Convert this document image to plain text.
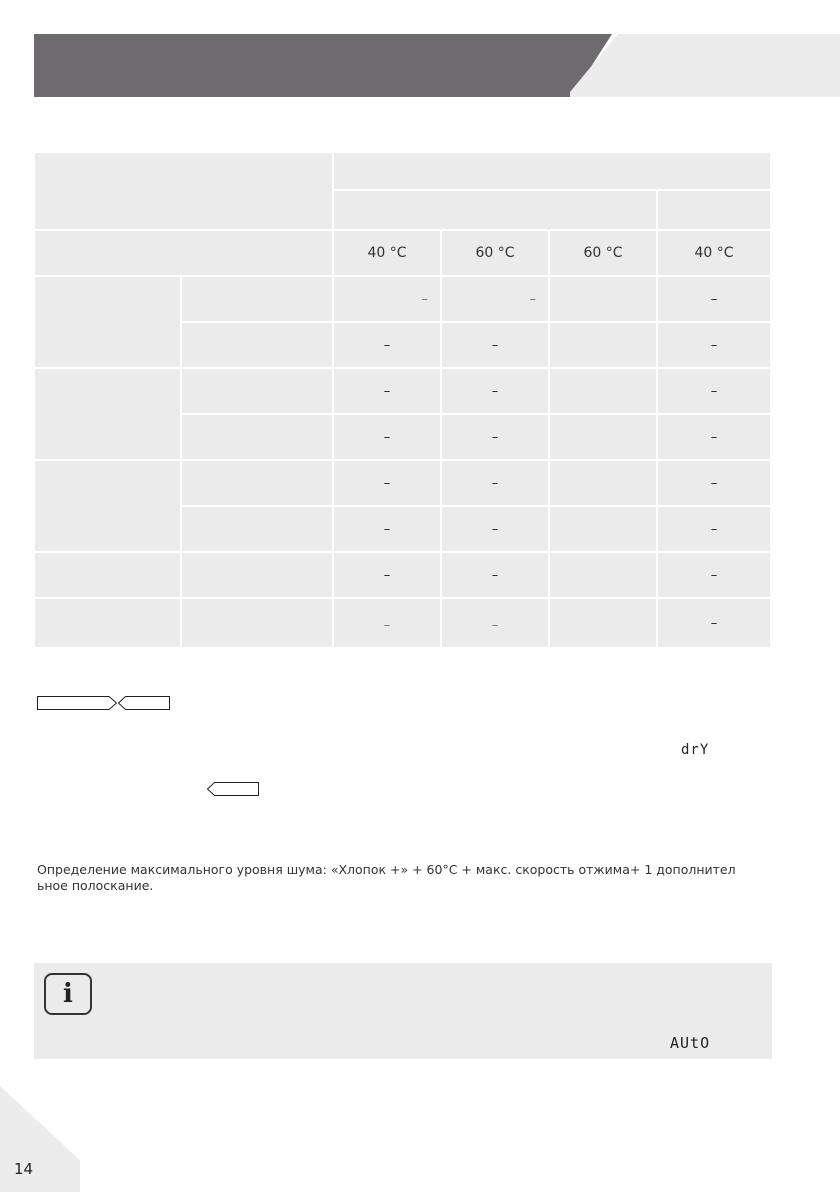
		40 °C	60 °C	60 °C	40 °C
		–	–		–
		–	–		–
		–	–		–
		–	–		–
		–	–		–
		–	–		–
		–	–		–
		–	–		–
drY
Определение максимального уровня шума: «Хлопок +» + 60°C + макс. скорость отжима+ 1 дополнител
ьное полоскание.
i
AUtO
14
